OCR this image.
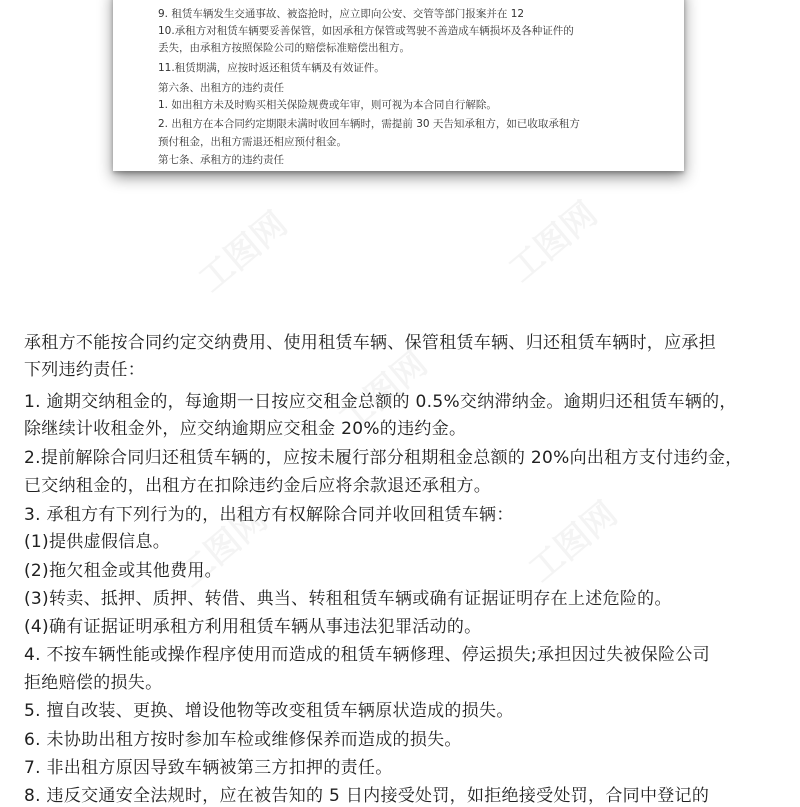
9. 租赁车辆发生交通事故、被盗抢时，应立即向公安、交管等部门报案并在 12
10.承租方对租赁车辆要妥善保管，如因承租方保管或驾驶不善造成车辆损坏及各种证件的
丢失，由承租方按照保险公司的赔偿标准赔偿出租方。
11.租赁期满，应按时返还租赁车辆及有效证件。
第六条、出租方的违约责任
1. 如出租方未及时购买相关保险规费或年审，则可视为本合同自行解除。
2. 出租方在本合同约定期限未满时收回车辆时，需提前 30 天告知承租方，如已收取承租方
预付租金，出租方需退还相应预付租金。
第七条、承租方的违约责任
承租方不能按合同约定交纳费用、使用租赁车辆、保管租赁车辆、归还租赁车辆时，应承担
下列违约责任：
1. 逾期交纳租金的，每逾期一日按应交租金总额的 0.5%交纳滞纳金。逾期归还租赁车辆的，
除继续计收租金外，应交纳逾期应交租金 20%的违约金。
2.提前解除合同归还租赁车辆的，应按未履行部分租期租金总额的 20%向出租方支付违约金，
已交纳租金的，出租方在扣除违约金后应将余款退还承租方。
3. 承租方有下列行为的，出租方有权解除合同并收回租赁车辆：
(1)提供虚假信息。
(2)拖欠租金或其他费用。
(3)转卖、抵押、质押、转借、典当、转租租赁车辆或确有证据证明存在上述危险的。
(4)确有证据证明承租方利用租赁车辆从事违法犯罪活动的。
4. 不按车辆性能或操作程序使用而造成的租赁车辆修理、停运损失;承担因过失被保险公司
拒绝赔偿的损失。
5. 擅自改装、更换、增设他物等改变租赁车辆原状造成的损失。
6. 未协助出租方按时参加车检或维修保养而造成的损失。
7. 非出租方原因导致车辆被第三方扣押的责任。
8. 违反交通安全法规时，应在被告知的 5 日内接受处罚，如拒绝接受处罚，合同中登记的
